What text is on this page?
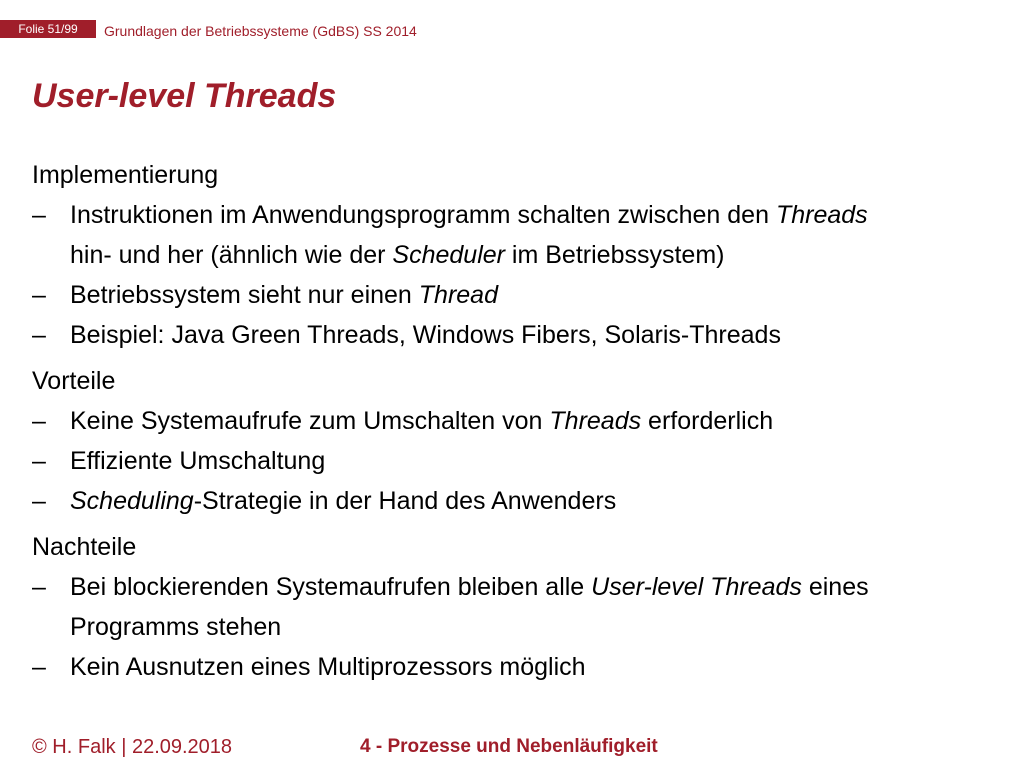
Folie 51/99	Grundlagen der Betriebssysteme (GdBS) SS 2014
User-level Threads
Implementierung
– Instruktionen im Anwendungsprogramm schalten zwischen den Threads
hin- und her (ähnlich wie der Scheduler im Betriebssystem)
– Betriebssystem sieht nur einen Thread
– Beispiel: Java Green Threads, Windows Fibers, Solaris-Threads
Vorteile
– Keine Systemaufrufe zum Umschalten von Threads erforderlich
– Effiziente Umschaltung
– Scheduling-Strategie in der Hand des Anwenders
Nachteile
– Bei blockierenden Systemaufrufen bleiben alle User-level Threads eines
Programms stehen
– Kein Ausnutzen eines Multiprozessors möglich
© H. Falk | 22.09.2018	4 - Prozesse und Nebenläufigkeit
